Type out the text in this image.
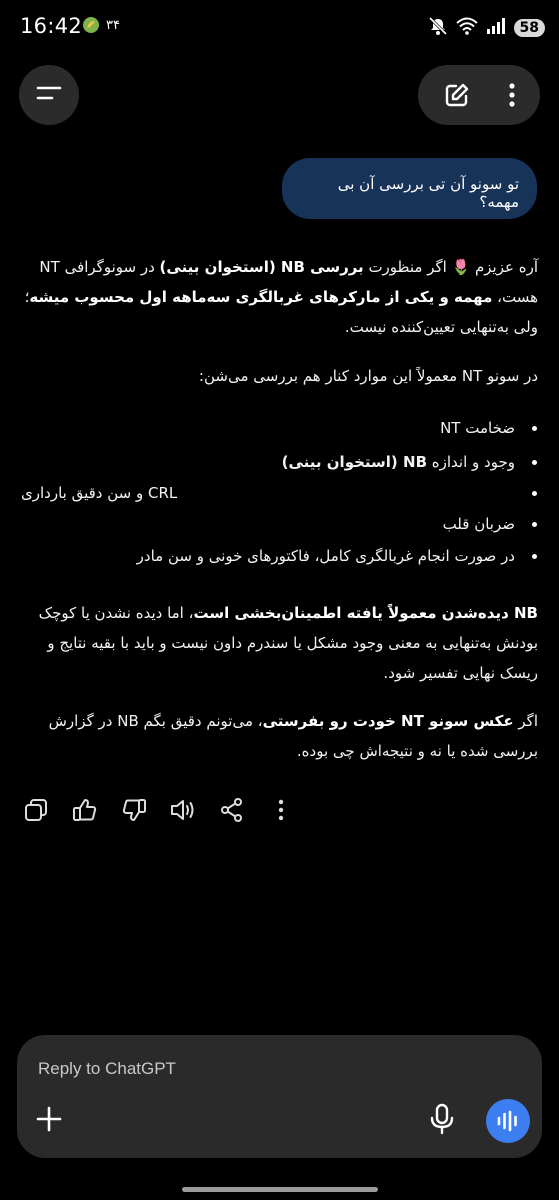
16:42 ۳۴	58
تو سونو آن تی بررسی آن بی مهمه؟
آره عزیزم 🌷 اگر منظورت بررسی NB (استخوان بینی) در سونوگرافی NT هست، مهمه و یکی از مارکرهای غربالگری سه‌ماهه اول محسوب میشه؛ ولی به‌تنهایی تعیین‌کننده نیست.
در سونو NT معمولاً این موارد کنار هم بررسی می‌شن:
ضخامت NT
وجود و اندازه NB (استخوان بینی)
و سن دقیق بارداری CRL
ضربان قلب
در صورت انجام غربالگری کامل، فاکتورهای خونی و سن مادر
NB دیده‌شدن معمولاً یافته اطمینان‌بخشی است، اما دیده نشدن یا کوچک بودنش به‌تنهایی به معنی وجود مشکل یا سندرم داون نیست و باید با بقیه نتایج و ریسک نهایی تفسیر شود.
اگر عکس سونو NT خودت رو بفرستی، می‌تونم دقیق بگم NB در گزارش بررسی شده یا نه و نتیجه‌اش چی بوده.
Reply to ChatGPT
